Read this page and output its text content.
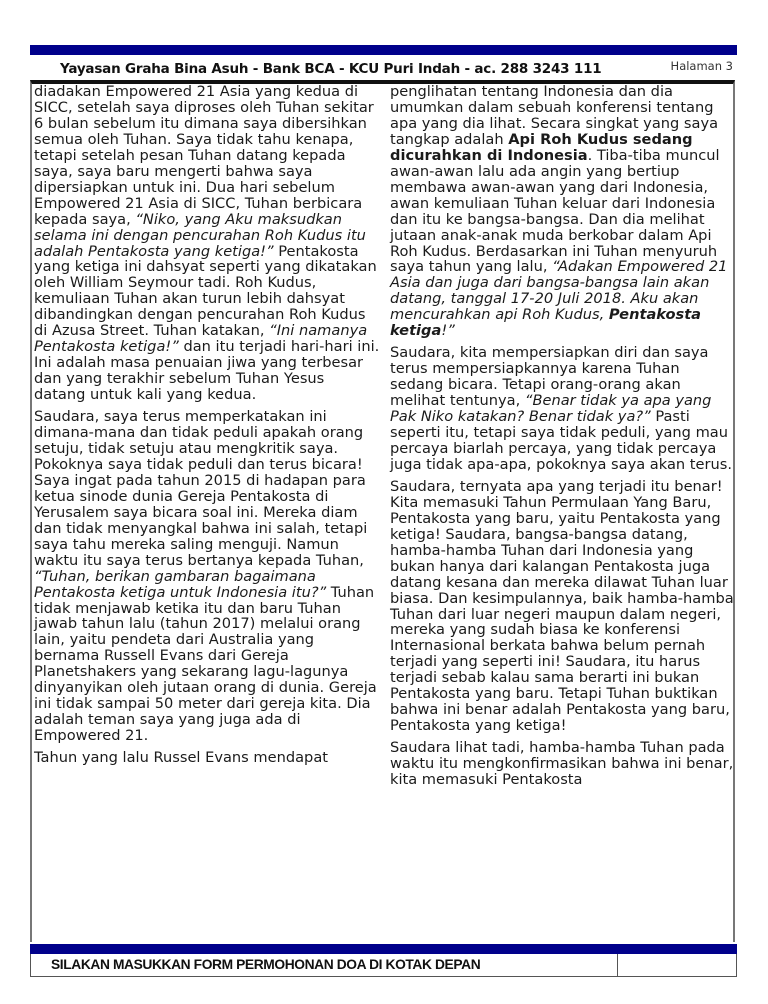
Yayasan Graha Bina Asuh - Bank BCA - KCU Puri Indah - ac. 288 3243 111	Halaman 3

diadakan Empowered 21 Asia yang kedua di SICC, setelah saya diproses oleh Tuhan sekitar 6 bulan sebelum itu dimana saya dibersihkan semua oleh Tuhan. Saya tidak tahu kenapa, tetapi setelah pesan Tuhan datang kepada saya, saya baru mengerti bahwa saya dipersiapkan untuk ini. Dua hari sebelum Empowered 21 Asia di SICC, Tuhan berbicara kepada saya, “Niko, yang Aku maksudkan selama ini dengan pencurahan Roh Kudus itu adalah Pentakosta yang ketiga!” Pentakosta yang ketiga ini dahsyat seperti yang dikatakan oleh William Seymour tadi. Roh Kudus, kemuliaan Tuhan akan turun lebih dahsyat dibandingkan dengan pencurahan Roh Kudus di Azusa Street. Tuhan katakan, “Ini namanya Pentakosta ketiga!” dan itu terjadi hari-hari ini. Ini adalah masa penuaian jiwa yang terbesar dan yang terakhir sebelum Tuhan Yesus datang untuk kali yang kedua.

Saudara, saya terus memperkatakan ini dimana-mana dan tidak peduli apakah orang setuju, tidak setuju atau mengkritik saya. Pokoknya saya tidak peduli dan terus bicara! Saya ingat pada tahun 2015 di hadapan para ketua sinode dunia Gereja Pentakosta di Yerusalem saya bicara soal ini. Mereka diam dan tidak menyangkal bahwa ini salah, tetapi saya tahu mereka saling menguji. Namun waktu itu saya terus bertanya kepada Tuhan, “Tuhan, berikan gambaran bagaimana Pentakosta ketiga untuk Indonesia itu?” Tuhan tidak menjawab ketika itu dan baru Tuhan jawab tahun lalu (tahun 2017) melalui orang lain, yaitu pendeta dari Australia yang bernama Russell Evans dari Gereja Planetshakers yang sekarang lagu-lagunya dinyanyikan oleh jutaan orang di dunia. Gereja ini tidak sampai 50 meter dari gereja kita. Dia adalah teman saya yang juga ada di Empowered 21.

Tahun yang lalu Russel Evans mendapat

penglihatan tentang Indonesia dan dia umumkan dalam sebuah konferensi tentang apa yang dia lihat. Secara singkat yang saya tangkap adalah Api Roh Kudus sedang dicurahkan di Indonesia. Tiba-tiba muncul awan-awan lalu ada angin yang bertiup membawa awan-awan yang dari Indonesia, awan kemuliaan Tuhan keluar dari Indonesia dan itu ke bangsa-bangsa. Dan dia melihat jutaan anak-anak muda berkobar dalam Api Roh Kudus. Berdasarkan ini Tuhan menyuruh saya tahun yang lalu, “Adakan Empowered 21 Asia dan juga dari bangsa-bangsa lain akan datang, tanggal 17-20 Juli 2018. Aku akan mencurahkan api Roh Kudus, Pentakosta ketiga!”

Saudara, kita mempersiapkan diri dan saya terus mempersiapkannya karena Tuhan sedang bicara. Tetapi orang-orang akan melihat tentunya, “Benar tidak ya apa yang Pak Niko katakan? Benar tidak ya?” Pasti seperti itu, tetapi saya tidak peduli, yang mau percaya biarlah percaya, yang tidak percaya juga tidak apa-apa, pokoknya saya akan terus.

Saudara, ternyata apa yang terjadi itu benar! Kita memasuki Tahun Permulaan Yang Baru, Pentakosta yang baru, yaitu Pentakosta yang ketiga! Saudara, bangsa-bangsa datang, hamba-hamba Tuhan dari Indonesia yang bukan hanya dari kalangan Pentakosta juga datang kesana dan mereka dilawat Tuhan luar biasa. Dan kesimpulannya, baik hamba-hamba Tuhan dari luar negeri maupun dalam negeri, mereka yang sudah biasa ke konferensi Internasional berkata bahwa belum pernah terjadi yang seperti ini! Saudara, itu harus terjadi sebab kalau sama berarti ini bukan Pentakosta yang baru. Tetapi Tuhan buktikan bahwa ini benar adalah Pentakosta yang baru, Pentakosta yang ketiga!

Saudara lihat tadi, hamba-hamba Tuhan pada waktu itu mengkonfirmasikan bahwa ini benar, kita memasuki Pentakosta

SILAKAN MASUKKAN FORM PERMOHONAN DOA DI KOTAK DEPAN
